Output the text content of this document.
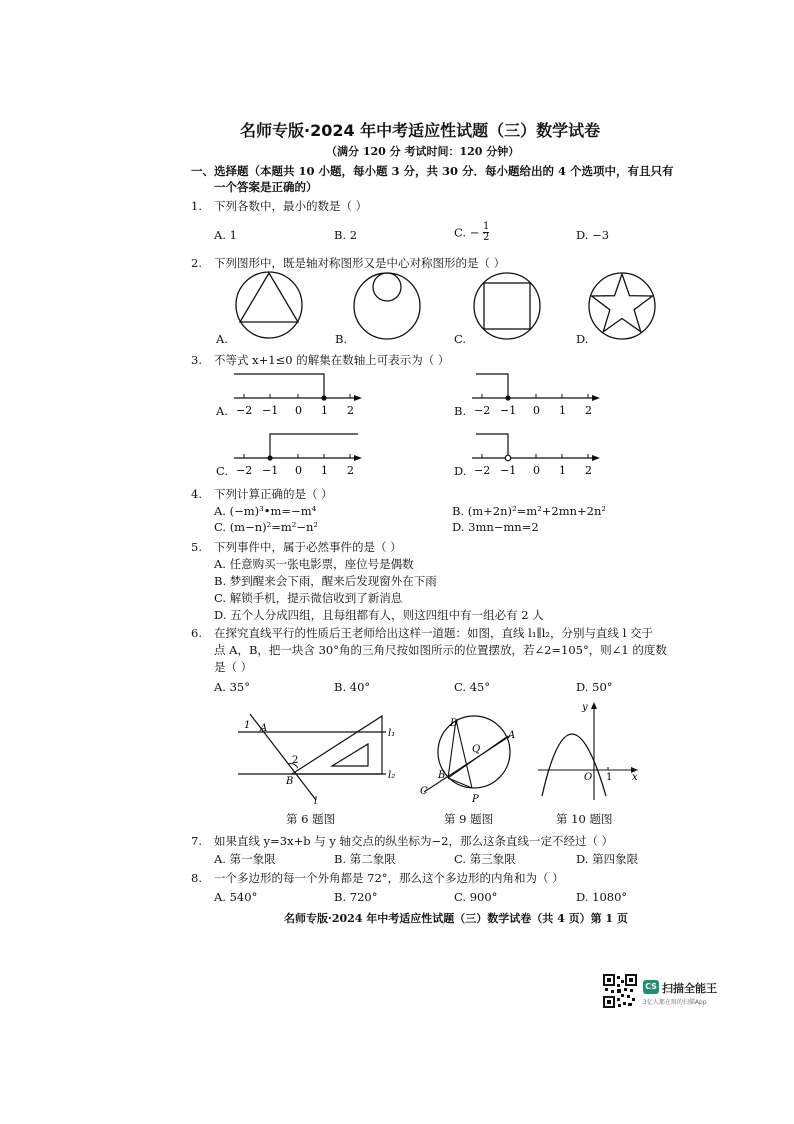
名师专版·2024 年中考适应性试题（三）数学试卷
（满分 120 分 考试时间：120 分钟）
一、选择题（本题共 10 小题，每小题 3 分，共 30 分．每小题给出的 4 个选项中，有且只有
一个答案是正确的）
1. 下列各数中，最小的数是（ ）
A. 1	B. 2	C. − $\frac{1}{2}$	D. −3
2. 下列图形中，既是轴对称图形又是中心对称图形的是（ ）
A.	B.	C.	D.
3. 不等式 x+1≤0 的解集在数轴上可表示为（ ）
A.	B.
C.	D.
−2 −1 0 1 2	−2 −1 0 1 2
−2 −1 0 1 2	−2 −1 0 1 2
4. 下列计算正确的是（ ）
A. (−m)³•m=−m⁴	B. (m+2n)²=m²+2mn+2n²
C. (m−n)²=m²−n²	D. 3mn−mn=2
5. 下列事件中，属于必然事件的是（ ）
A. 任意购买一张电影票，座位号是偶数
B. 梦到醒来会下雨，醒来后发现窗外在下雨
C. 解锁手机，提示微信收到了新消息
D. 五个人分成四组，且每组都有人，则这四组中有一组必有 2 人
6. 在探究直线平行的性质后王老师给出这样一道题：如图，直线 l₁∥l₂，分别与直线 l 交于
点 A，B，把一块含 30°角的三角尺按如图所示的位置摆放，若∠2=105°，则∠1 的度数
是（ ）
A. 35°	B. 40°	C. 45°	D. 50°
1 A
2
B
l₁
l₂
l
第 6 题图
D
A
Q
B
C
P
第 9 题图
y
x
O 1
第 10 题图
7. 如果直线 y=3x+b 与 y 轴交点的纵坐标为−2，那么这条直线一定不经过（ ）
A. 第一象限	B. 第二象限	C. 第三象限	D. 第四象限
8. 一个多边形的每一个外角都是 72°，那么这个多边形的内角和为（ ）
A. 540°	B. 720°	C. 900°	D. 1080°
名师专版·2024 年中考适应性试题（三）数学试卷（共 4 页）第 1 页
CS 扫描全能王
3亿人都在用的扫描App
